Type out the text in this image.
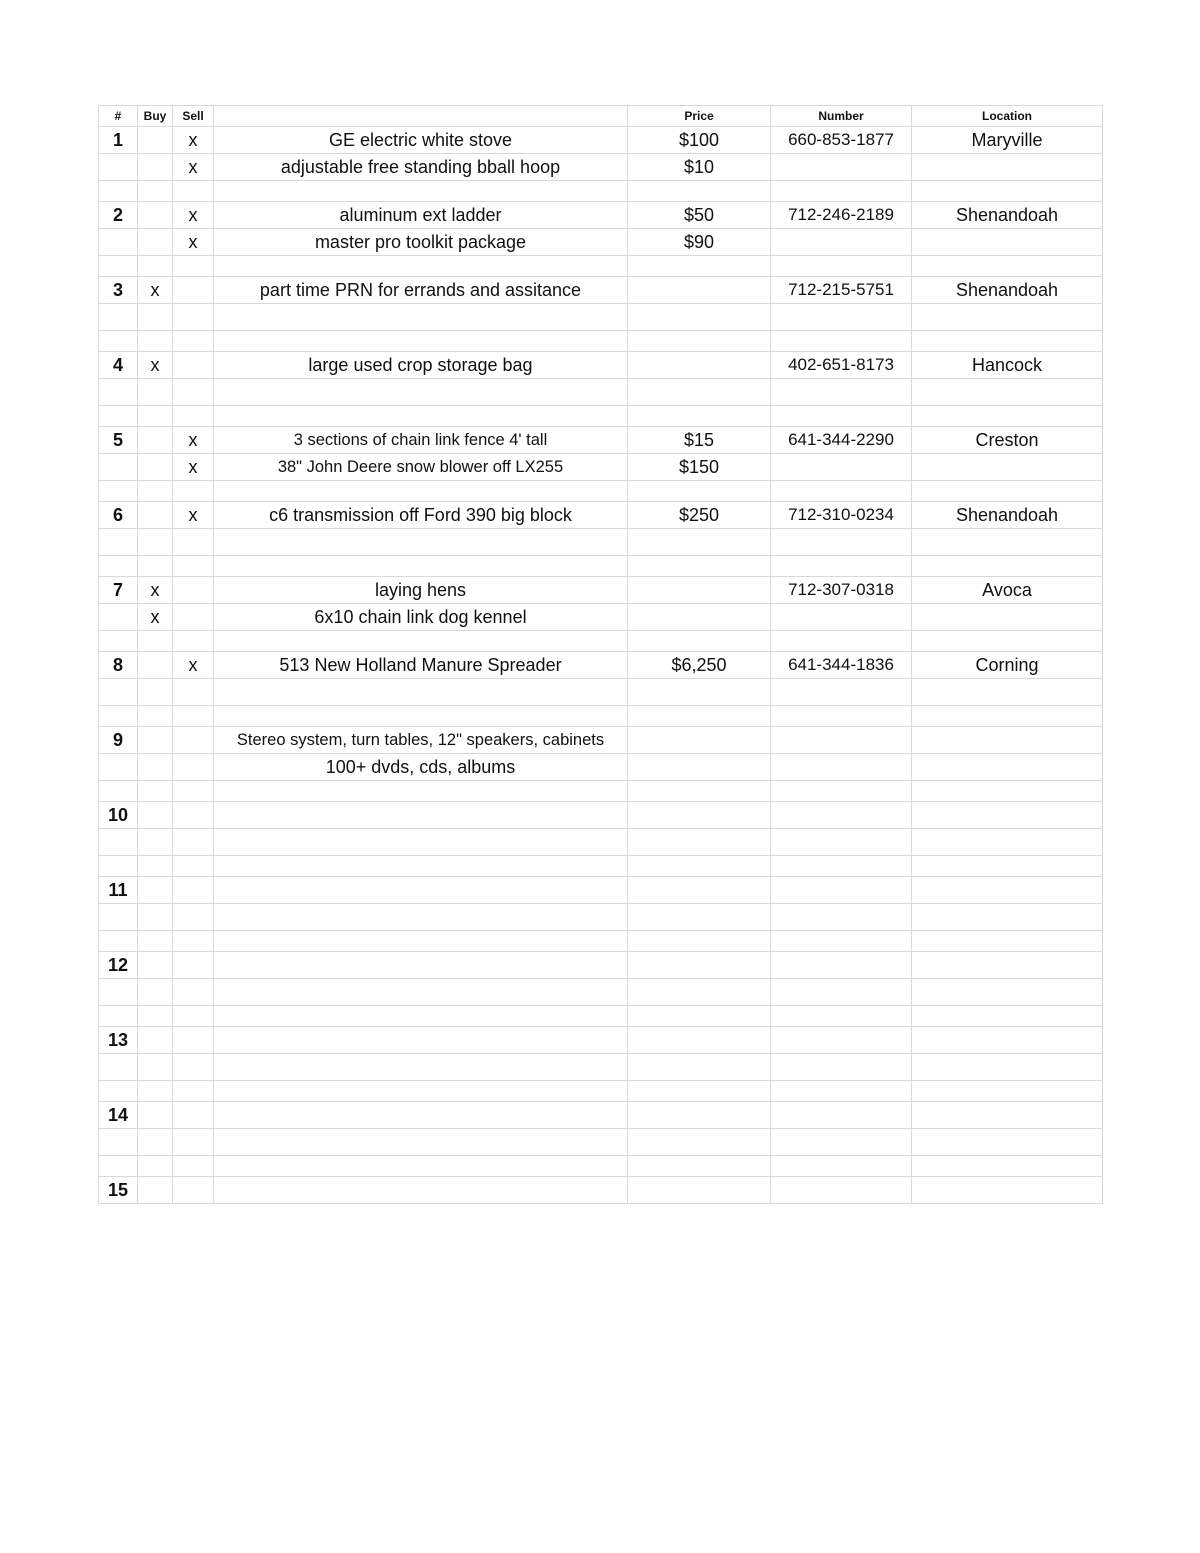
#	Buy	Sell		Price	Number	Location
1		x	GE electric white stove	$100	660-853-1877	Maryville
		x	adjustable free standing bball hoop	$10		

2		x	aluminum ext ladder	$50	712-246-2189	Shenandoah
		x	master pro toolkit package	$90		

3	x		part time PRN for errands and assitance		712-215-5751	Shenandoah

4	x		large used crop storage bag		402-651-8173	Hancock

5		x	3 sections of chain link fence 4' tall	$15	641-344-2290	Creston
		x	38" John Deere snow blower off LX255	$150		

6		x	c6 transmission off Ford 390 big block	$250	712-310-0234	Shenandoah

7	x		laying hens		712-307-0318	Avoca
	x		6x10 chain link dog kennel			

8		x	513 New Holland Manure Spreader	$6,250	641-344-1836	Corning

9			Stereo system, turn tables, 12" speakers, cabinets			
			100+ dvds, cds, albums			

10						

11						

12						

13						

14						

15						
